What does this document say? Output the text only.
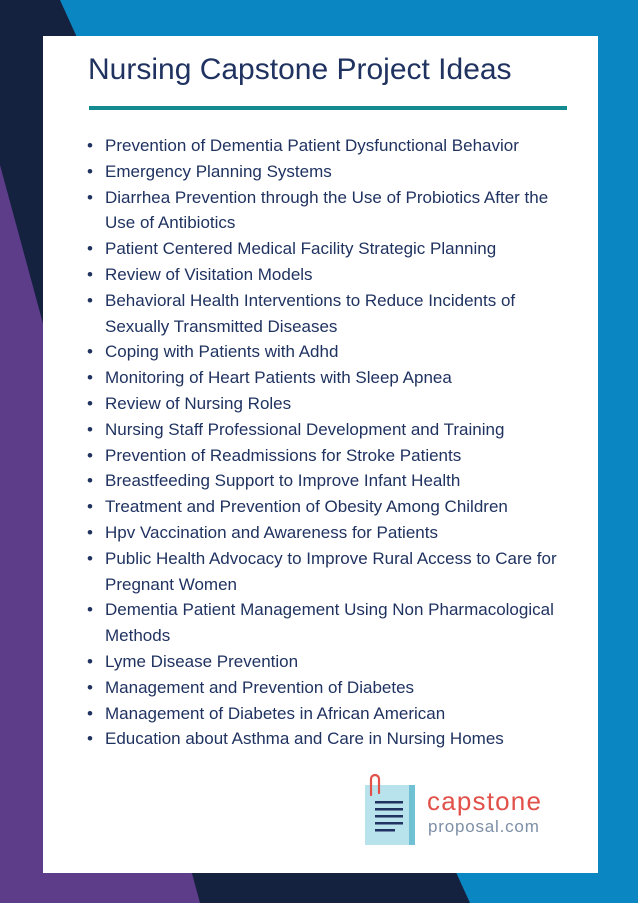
Nursing Capstone Project Ideas
• Prevention of Dementia Patient Dysfunctional Behavior
• Emergency Planning Systems
• Diarrhea Prevention through the Use of Probiotics After the Use of Antibiotics
• Patient Centered Medical Facility Strategic Planning
• Review of Visitation Models
• Behavioral Health Interventions to Reduce Incidents of Sexually Transmitted Diseases
• Coping with Patients with Adhd
• Monitoring of Heart Patients with Sleep Apnea
• Review of Nursing Roles
• Nursing Staff Professional Development and Training
• Prevention of Readmissions for Stroke Patients
• Breastfeeding Support to Improve Infant Health
• Treatment and Prevention of Obesity Among Children
• Hpv Vaccination and Awareness for Patients
• Public Health Advocacy to Improve Rural Access to Care for Pregnant Women
• Dementia Patient Management Using Non Pharmacological Methods
• Lyme Disease Prevention
• Management and Prevention of Diabetes
• Management of Diabetes in African American
• Education about Asthma and Care in Nursing Homes
capstone
proposal.com
